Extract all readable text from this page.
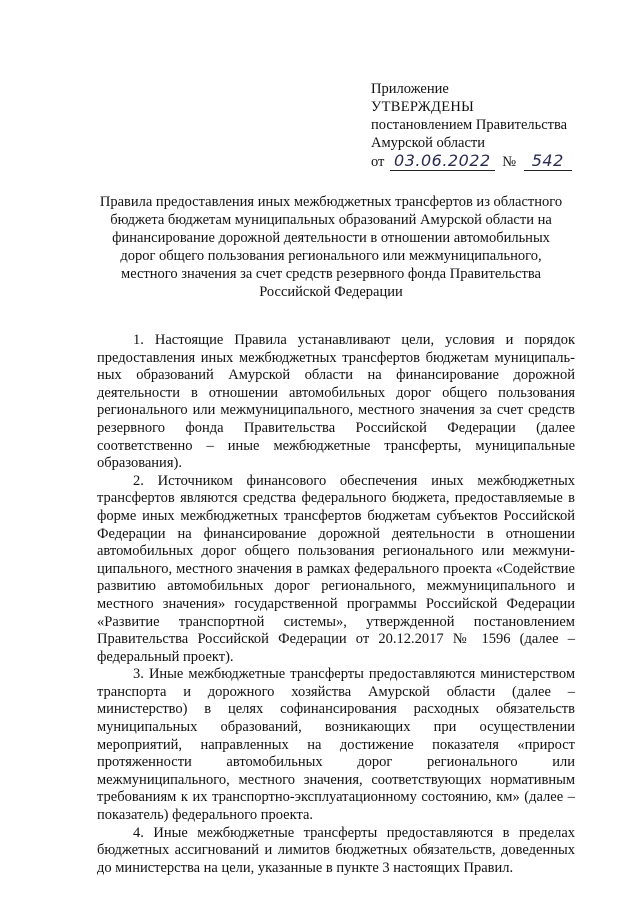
Приложение
УТВЕРЖДЕНЫ
постановлением Правительства
Амурской области
от 03.06.2022 № 542
Правила предоставления иных межбюджетных трансфертов из областного бюджета бюджетам муниципальных образований Амурской области на финансирование дорожной деятельности в отношении автомобильных дорог общего пользования регионального или межмуниципального, местного значения за счет средств резервного фонда Правительства Российской Федерации

1. Настоящие Правила устанавливают цели, условия и порядок предоставления иных межбюджетных трансфертов бюджетам муниципальных образований Амурской области на финансирование дорожной деятельности в отношении автомобильных дорог общего пользования регионального или межмуниципального, местного значения за счет средств резервного фонда Правительства Российской Федерации (далее соответственно – иные межбюджетные трансферты, муниципальные образования).

2. Источником финансового обеспечения иных межбюджетных трансфертов являются средства федерального бюджета, предоставляемые в форме иных межбюджетных трансфертов бюджетам субъектов Российской Федерации на финансирование дорожной деятельности в отношении автомобильных дорог общего пользования регионального или межмуниципального, местного значения в рамках федерального проекта «Содействие развитию автомобильных дорог регионального, межмуниципального и местного значения» государственной программы Российской Федерации «Развитие транспортной системы», утвержденной постановлением Правительства Российской Федерации от 20.12.2017 № 1596 (далее – федеральный проект).

3. Иные межбюджетные трансферты предоставляются министерством транспорта и дорожного хозяйства Амурской области (далее – министерство) в целях софинансирования расходных обязательств муниципальных образований, возникающих при осуществлении мероприятий, направленных на достижение показателя «прирост протяженности автомобильных дорог регионального или межмуниципального, местного значения, соответствующих нормативным требованиям к их транспортно-эксплуатационному состоянию, км» (далее – показатель) федерального проекта.

4. Иные межбюджетные трансферты предоставляются в пределах бюджетных ассигнований и лимитов бюджетных обязательств, доведенных до министерства на цели, указанные в пункте 3 настоящих Правил.
